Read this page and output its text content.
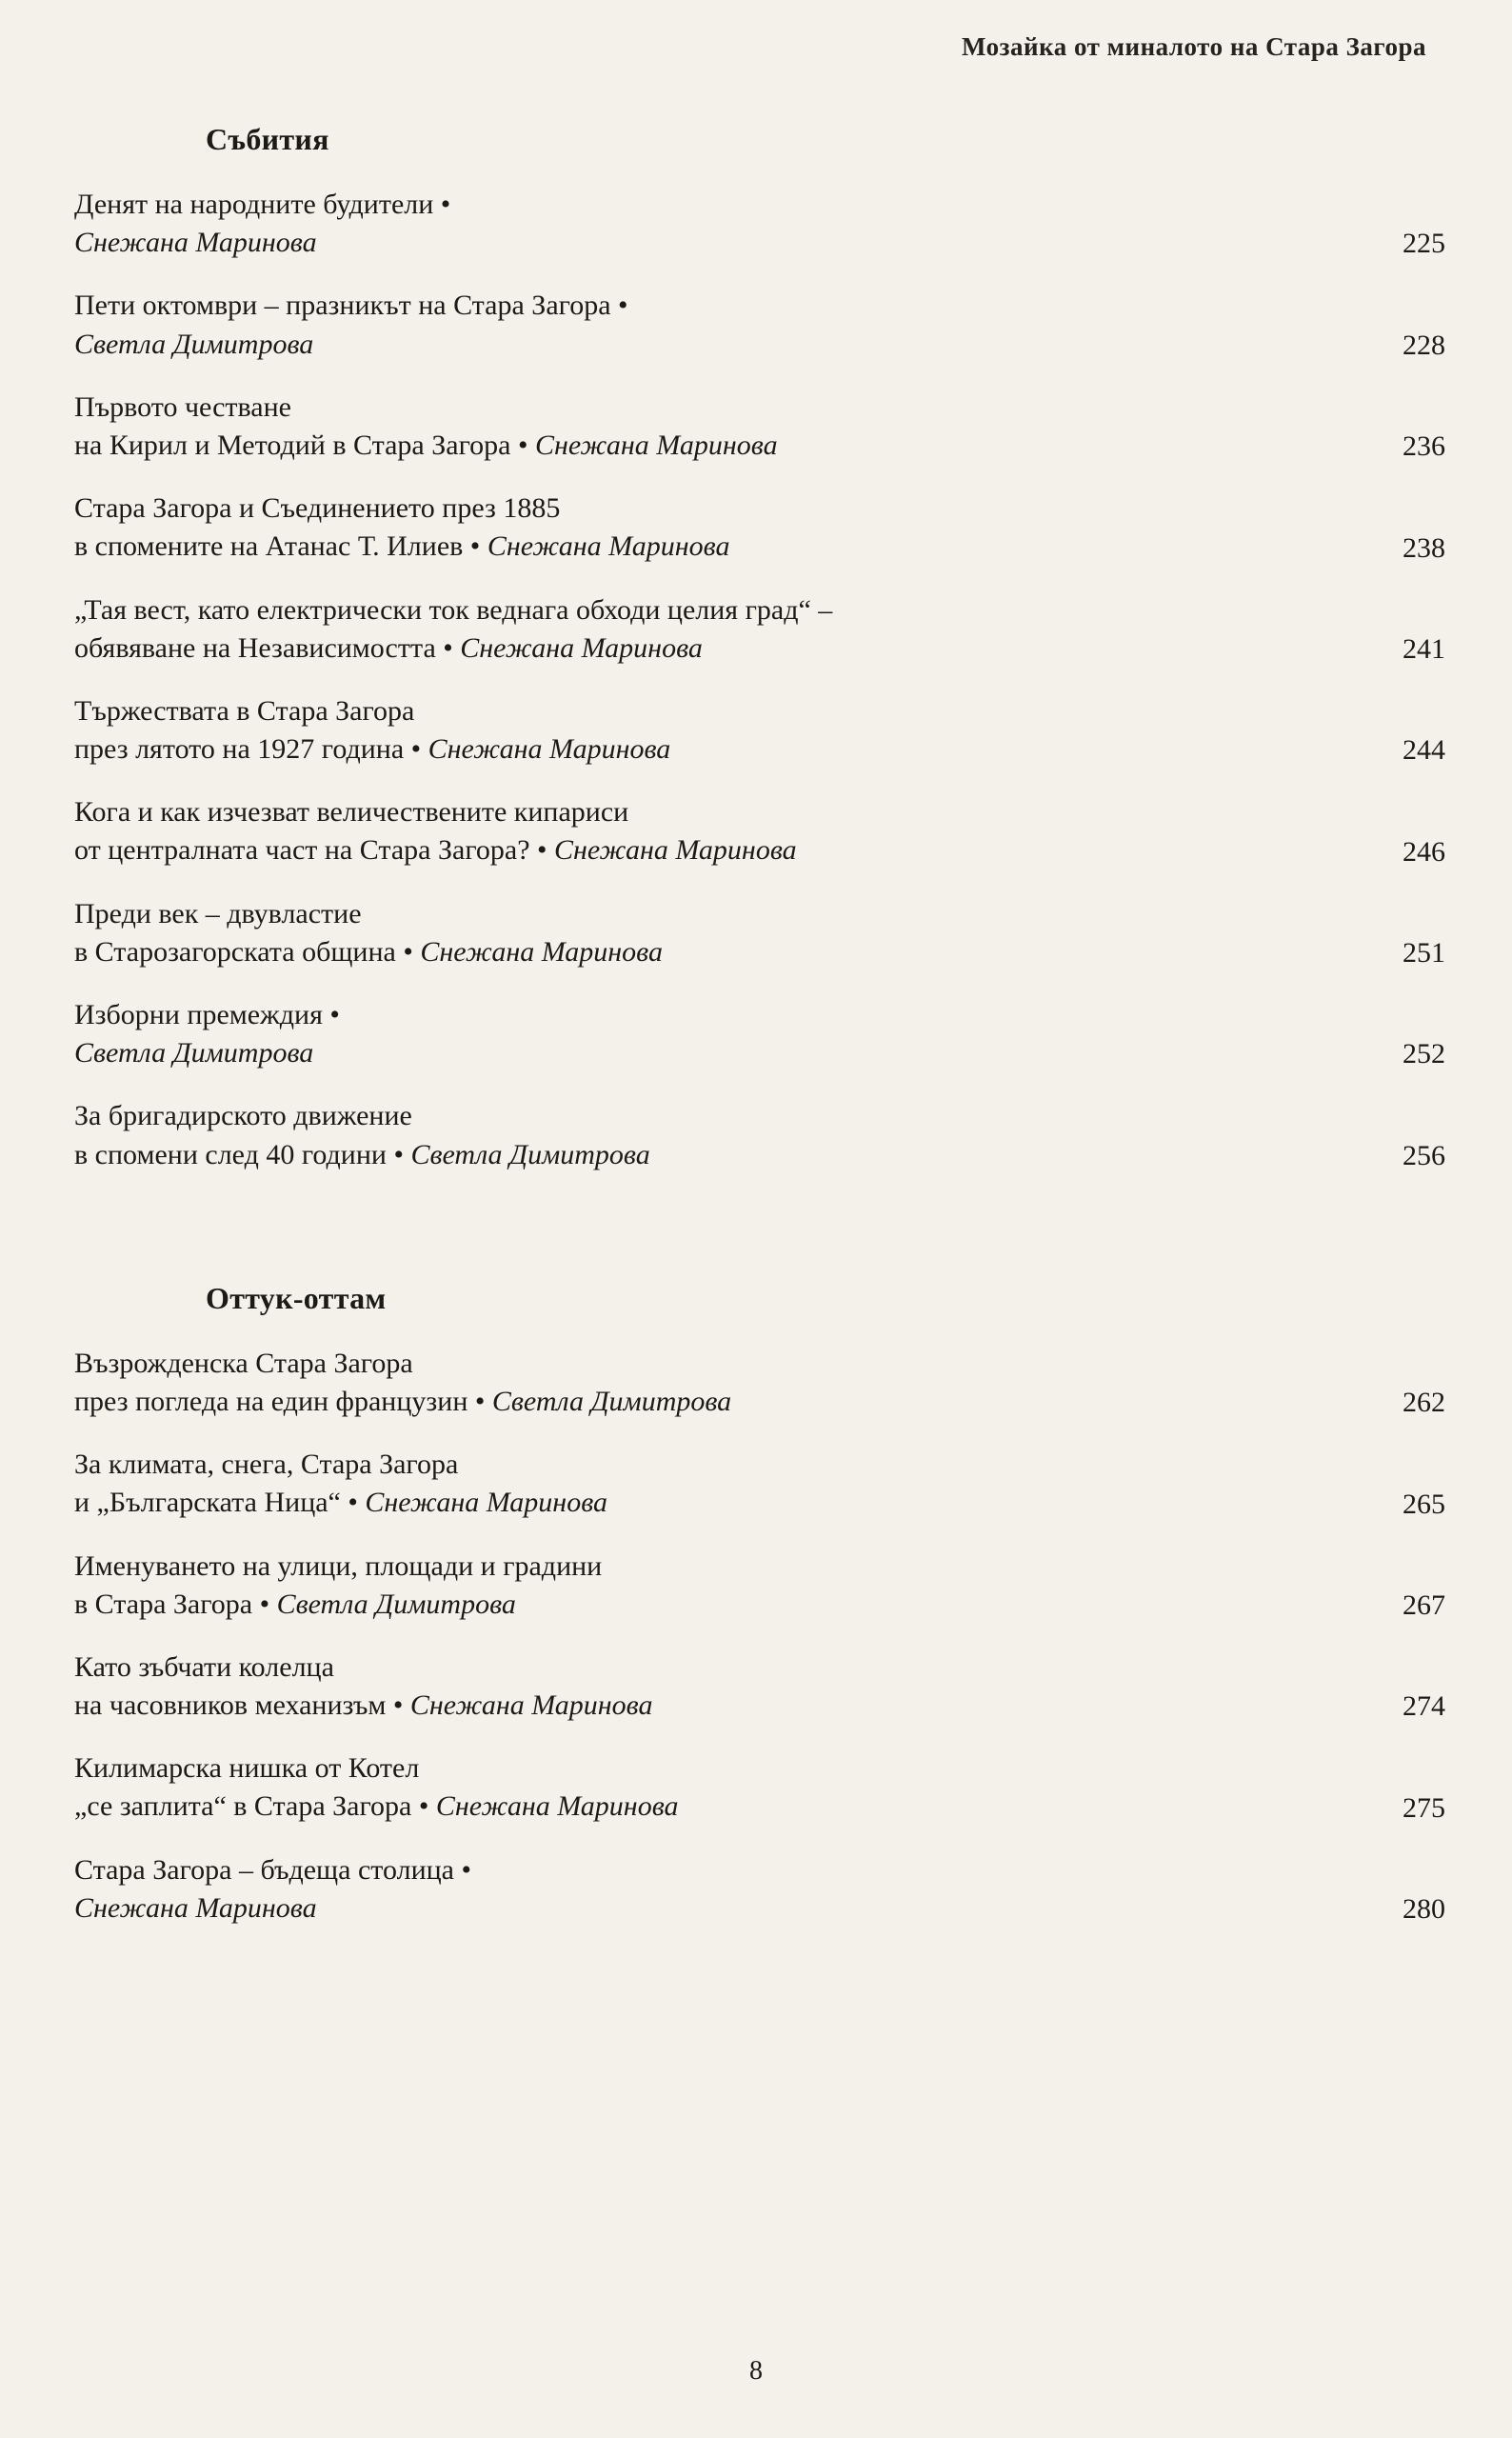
Мозайка от миналото на Стара Загора
Събития
Денят на народните будители •
Снежана Маринова	225
Пети октомври – празникът на Стара Загора •
Светла Димитрова	228
Първото честване
на Кирил и Методий в Стара Загора • Снежана Маринова	236
Стара Загора и Съединението през 1885
в спомените на Атанас Т. Илиев • Снежана Маринова	238
„Тая вест, като електрически ток веднага обходи целия град“ –
обявяване на Независимостта • Снежана Маринова	241
Тържествата в Стара Загора
през лятото на 1927 година • Снежана Маринова	244
Кога и как изчезват величествените кипариси
от централната част на Стара Загора? • Снежана Маринова	246
Преди век – двувластие
в Старозагорската община • Снежана Маринова	251
Изборни премеждия •
Светла Димитрова	252
За бригадирското движение
в спомени след 40 години • Светла Димитрова	256
Оттук-оттам
Възрожденска Стара Загора
през погледа на един французин • Светла Димитрова	262
За климата, снега, Стара Загора
и „Българската Ница“ • Снежана Маринова	265
Именуването на улици, площади и градини
в Стара Загора • Светла Димитрова	267
Като зъбчати колелца
на часовников механизъм • Снежана Маринова	274
Килимарска нишка от Котел
„се заплита“ в Стара Загора • Снежана Маринова	275
Стара Загора – бъдеща столица •
Снежана Маринова	280
8
